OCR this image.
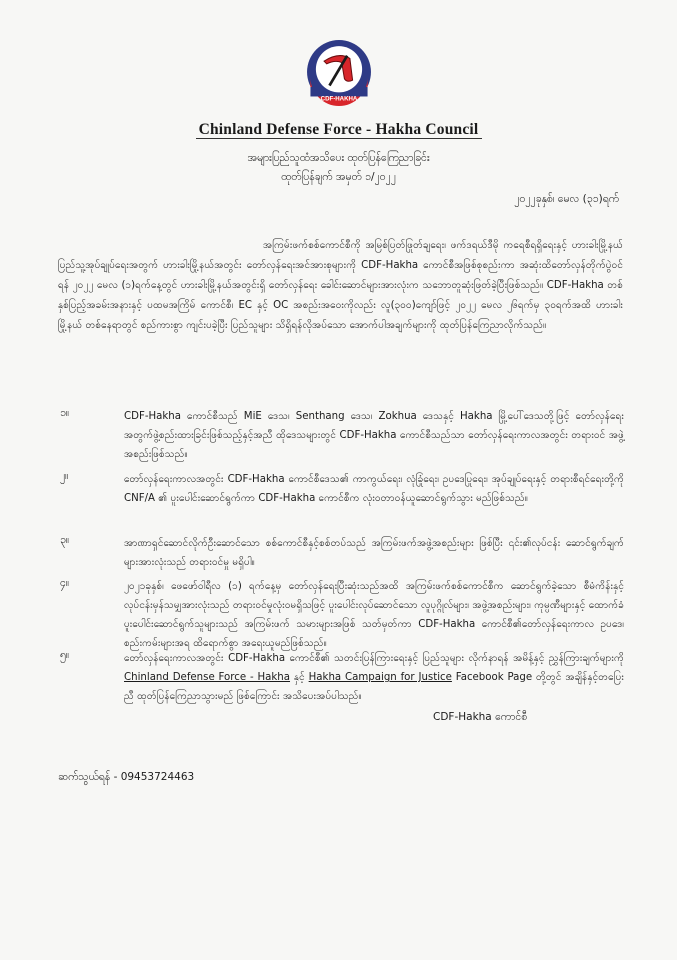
CDF-HAKHA
Chinland Defense Force - Hakha Council
အများပြည်သူထံအသိပေး ထုတ်ပြန်ကြေညာခြင်း
ထုတ်ပြန်ချက် အမှတ် ၁/၂၀၂၂
၂၀၂၂ခုနှစ်၊ မေလ (၃၁)ရက်
အကြမ်းဖက်စစ်ကောင်စီကို အမြစ်ပြတ်ဖြုတ်ချရေး၊ ဖက်ဒရယ်ဒီမို ကရေစီရရှိရေးနှင့် ဟားခါးမြို့နယ်ပြည်သူ့အုပ်ချုပ်ရေးအတွက် ဟားခါးမြို့နယ်အတွင်း တော်လှန်ရေးအင်အားစုများကို CDF-Hakha ကောင်စီအဖြစ်စုစည်းကာ အဆုံးထိတော်လှန်တိုက်ပွဲဝင်ရန် ၂၀၂၂ မေလ (၁)ရက်နေ့တွင် ဟားခါးမြို့နယ်အတွင်းရှိ တော်လှန်ရေး ခေါင်းဆောင်များအားလုံးက သဘောတူဆုံးဖြတ်ခဲ့ပြီးဖြစ်သည်။ CDF-Hakha တစ်နှစ်ပြည့်အခမ်းအနားနှင့် ပထမအကြိမ် ကောင်စီ၊ EC နှင့် OC အစည်းအဝေးကိုလည်း လူ(၃၀၀)ကျော်ဖြင့် ၂၀၂၂ မေလ ၂၆ရက်မှ ၃၀ရက်အထိ ဟားခါးမြို့နယ် တစ်နေရာတွင် စည်ကားစွာ ကျင်းပခဲ့ပြီး ပြည်သူများ သိရှိရန်လိုအပ်သော အောက်ပါအချက်များကို ထုတ်ပြန်ကြေညာလိုက်သည်။
၁။	CDF-Hakha ကောင်စီသည် MiE ဒေသ၊ Senthang ဒေသ၊ Zokhua ဒေသနှင့် Hakha မြို့ပေါ်ဒေသတို့ဖြင့် တော်လှန်ရေး အတွက်ဖွဲ့စည်းထားခြင်းဖြစ်သည့်နှင့်အညီ ထိုဒေသများတွင် CDF-Hakha ကောင်စီသည်သာ တော်လှန်ရေးကာလအတွင်း တရားဝင် အဖွဲ့အစည်းဖြစ်သည်။
၂။	တော်လှန်ရေးကာလအတွင်း CDF-Hakha ကောင်စီဒေသ၏ ကာကွယ်ရေး၊ လုံခြုံရေး၊ ဥပဒေပြုရေး၊ အုပ်ချုပ်ရေးနှင့် တရားစီရင်ရေးတို့ကို CNF/A ၏ ပူးပေါင်းဆောင်ရွက်ကာ CDF-Hakha ကောင်စီက လုံးဝတာဝန်ယူဆောင်ရွက်သွား မည်ဖြစ်သည်။
၃။	အာဏာရှင်ဆောင်လိုက်ဦးဆောင်သော စစ်ကောင်စီနှင့်စစ်တပ်သည် အကြမ်းဖက်အဖွဲ့အစည်းများ ဖြစ်ပြီး ၎င်း၏လုပ်ငန်း ဆောင်ရွက်ချက်များအားလုံးသည် တရားဝင်မှု မရှိပါ။
၄။	၂၀၂၁ခုနှစ်၊ ဖေဖော်ဝါရီလ (၁) ရက်နေ့မှ တော်လှန်ရေးပြီးဆုံးသည်အထိ အကြမ်းဖက်စစ်ကောင်စီက ဆောင်ရွက်ခဲ့သော စီမံကိန်းနှင့်လုပ်ငန်းမှန်သမျှအားလုံးသည် တရားဝင်မှုလုံးဝမရှိသဖြင့် ပူးပေါင်းလုပ်ဆောင်သော လူပုဂ္ဂိုလ်များ၊ အဖွဲ့အစည်းများ၊ ကုမ္ပဏီများနှင့် ထောက်ခံ ပူးပေါင်းဆောင်ရွက်သူများသည် အကြမ်းဖက် သမားများအဖြစ် သတ်မှတ်ကာ CDF-Hakha ကောင်စီ၏တော်လှန်ရေးကာလ ဥပဒေ၊ စည်းကမ်းများအရ ထိရောက်စွာ အရေးယူမည်ဖြစ်သည်။
၅။	တော်လှန်ရေးကာလအတွင်း CDF-Hakha ကောင်စီ၏ သတင်းပြန်ကြားရေးနှင့် ပြည်သူများ လိုက်နာရန် အမိန့်နှင့် ညွှန်ကြားချက်များကို Chinland Defense Force - Hakha နှင့် Hakha Campaign for Justice Facebook Page တို့တွင် အချိန်နှင့်တပြေးညီ ထုတ်ပြန်ကြေညာသွားမည် ဖြစ်ကြောင်း အသိပေးအပ်ပါသည်။
CDF-Hakha ကောင်စီ
ဆက်သွယ်ရန် - 09453724463
